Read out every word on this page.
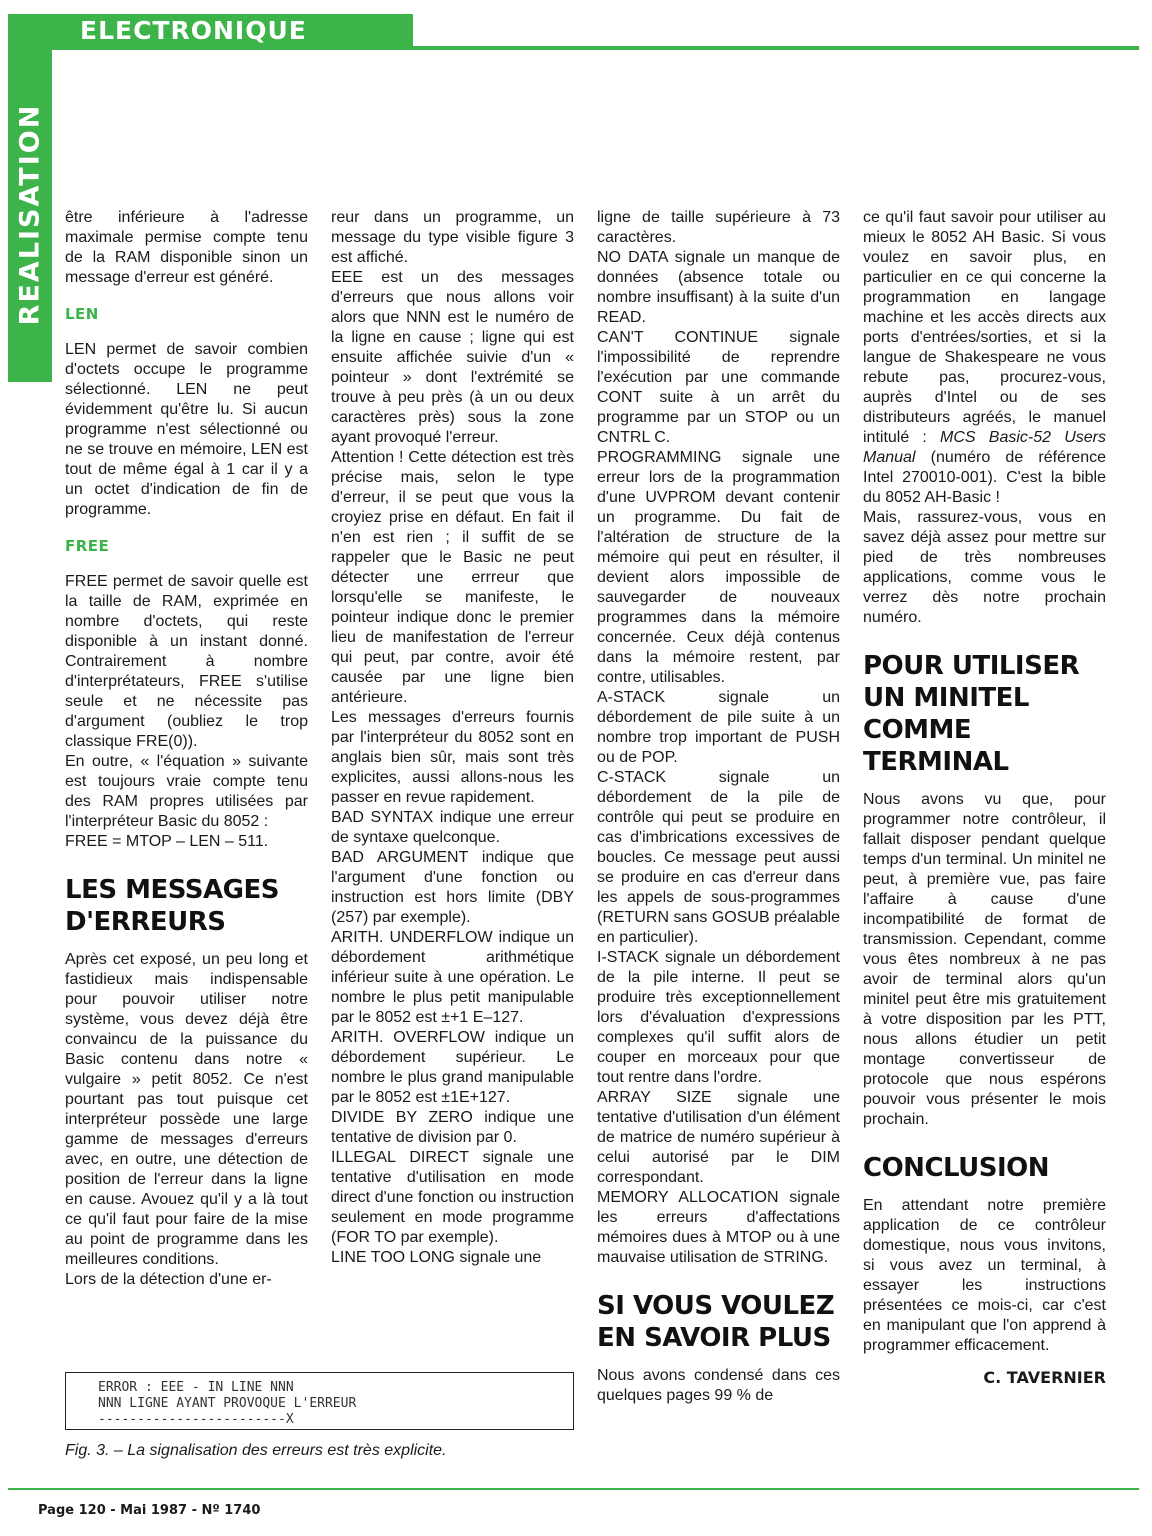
ELECTRONIQUE
REALISATION être inférieure à l'adresse maximale permise compte tenu de la RAM disponible sinon un message d'erreur est généré.

LEN

LEN permet de savoir combien d'octets occupe le programme sélectionné. LEN ne peut évidemment qu'être lu. Si aucun programme n'est sélectionné ou ne se trouve en mémoire, LEN est tout de même égal à 1 car il y a un octet d'indication de fin de programme.

FREE

FREE permet de savoir quelle est la taille de RAM, exprimée en nombre d'octets, qui reste disponible à un instant donné. Contrairement à nombre d'interprétateurs, FREE s'utilise seule et ne nécessite pas d'argument (oubliez le trop classique FRE(0)).

En outre, « l'équation » suivante est toujours vraie compte tenu des RAM propres utilisées par l'interpréteur Basic du 8052 :

FREE = MTOP – LEN – 511.

LES MESSAGES D'ERREURS

Après cet exposé, un peu long et fastidieux mais indispensable pour pouvoir utiliser notre système, vous devez déjà être convaincu de la puissance du Basic contenu dans notre « vulgaire » petit 8052. Ce n'est pourtant pas tout puisque cet interpréteur possède une large gamme de messages d'erreurs avec, en outre, une détection de position de l'erreur dans la ligne en cause. Avouez qu'il y a là tout ce qu'il faut pour faire de la mise au point de programme dans les meilleures conditions.

Lors de la détection d'une er-

reur dans un programme, un message du type visible figure 3 est affiché.

EEE est un des messages d'erreurs que nous allons voir alors que NNN est le numéro de la ligne en cause ; ligne qui est ensuite affichée suivie d'un « pointeur » dont l'extrémité se trouve à peu près (à un ou deux caractères près) sous la zone ayant provoqué l'erreur.

Attention ! Cette détection est très précise mais, selon le type d'erreur, il se peut que vous la croyiez prise en défaut. En fait il n'en est rien ; il suffit de se rappeler que le Basic ne peut détecter une errreur que lorsqu'elle se manifeste, le pointeur indique donc le premier lieu de manifestation de l'erreur qui peut, par contre, avoir été causée par une ligne bien antérieure.

Les messages d'erreurs fournis par l'interpréteur du 8052 sont en anglais bien sûr, mais sont très explicites, aussi allons-nous les passer en revue rapidement.

BAD SYNTAX indique une erreur de syntaxe quelconque.

BAD ARGUMENT indique que l'argument d'une fonction ou instruction est hors limite (DBY (257) par exemple).

ARITH. UNDERFLOW indique un débordement arithmétique inférieur suite à une opération. Le nombre le plus petit manipulable par le 8052 est ±+1 E–127.

ARITH. OVERFLOW indique un débordement supérieur. Le nombre le plus grand manipulable par le 8052 est ±1E+127.

DIVIDE BY ZERO indique une tentative de division par 0.

ILLEGAL DIRECT signale une tentative d'utilisation en mode direct d'une fonction ou instruction seulement en mode programme (FOR TO par exemple).

LINE TOO LONG signale une

ligne de taille supérieure à 73 caractères.

NO DATA signale un manque de données (absence totale ou nombre insuffisant) à la suite d'un READ.

CAN'T CONTINUE signale l'impossibilité de reprendre l'exécution par une commande CONT suite à un arrêt du programme par un STOP ou un CNTRL C.

PROGRAMMING signale une erreur lors de la programmation d'une UVPROM devant contenir un programme. Du fait de l'altération de structure de la mémoire qui peut en résulter, il devient alors impossible de sauvegarder de nouveaux programmes dans la mémoire concernée. Ceux déjà contenus dans la mémoire restent, par contre, utilisables.

A-STACK signale un débordement de pile suite à un nombre trop important de PUSH ou de POP.

C-STACK signale un débordement de la pile de contrôle qui peut se produire en cas d'imbrications excessives de boucles. Ce message peut aussi se produire en cas d'erreur dans les appels de sous-programmes (RETURN sans GOSUB préalable en particulier).

I-STACK signale un débordement de la pile interne. Il peut se produire très exceptionnellement lors d'évaluation d'expressions complexes qu'il suffit alors de couper en morceaux pour que tout rentre dans l'ordre.

ARRAY SIZE signale une tentative d'utilisation d'un élément de matrice de numéro supérieur à celui autorisé par le DIM correspondant.

MEMORY ALLOCATION signale les erreurs d'affectations mémoires dues à MTOP ou à une mauvaise utilisation de STRING.

SI VOUS VOULEZ EN SAVOIR PLUS

Nous avons condensé dans ces quelques pages 99 % de

ce qu'il faut savoir pour utiliser au mieux le 8052 AH Basic. Si vous voulez en savoir plus, en particulier en ce qui concerne la programmation en langage machine et les accès directs aux ports d'entrées/sorties, et si la langue de Shakespeare ne vous rebute pas, procurez-vous, auprès d'Intel ou de ses distributeurs agréés, le manuel intitulé : MCS Basic-52 Users Manual (numéro de référence Intel 270010-001). C'est la bible du 8052 AH-Basic !

Mais, rassurez-vous, vous en savez déjà assez pour mettre sur pied de très nombreuses applications, comme vous le verrez dès notre prochain numéro.

POUR UTILISER UN MINITEL COMME TERMINAL

Nous avons vu que, pour programmer notre contrôleur, il fallait disposer pendant quelque temps d'un terminal. Un minitel ne peut, à première vue, pas faire l'affaire à cause d'une incompatibilité de format de transmission. Cependant, comme vous êtes nombreux à ne pas avoir de terminal alors qu'un minitel peut être mis gratuitement à votre disposition par les PTT, nous allons étudier un petit montage convertisseur de protocole que nous espérons pouvoir vous présenter le mois prochain.

CONCLUSION

En attendant notre première application de ce contrôleur domestique, nous vous invitons, si vous avez un terminal, à essayer les instructions présentées ce mois-ci, car c'est en manipulant que l'on apprend à programmer efficacement.

C. TAVERNIER
ERROR : EEE - IN LINE NNN
NNN LIGNE AYANT PROVOQUE L'ERREUR
------------------------X
Fig. 3. – La signalisation des erreurs est très explicite.
Page 120 - Mai 1987 - Nº 1740
